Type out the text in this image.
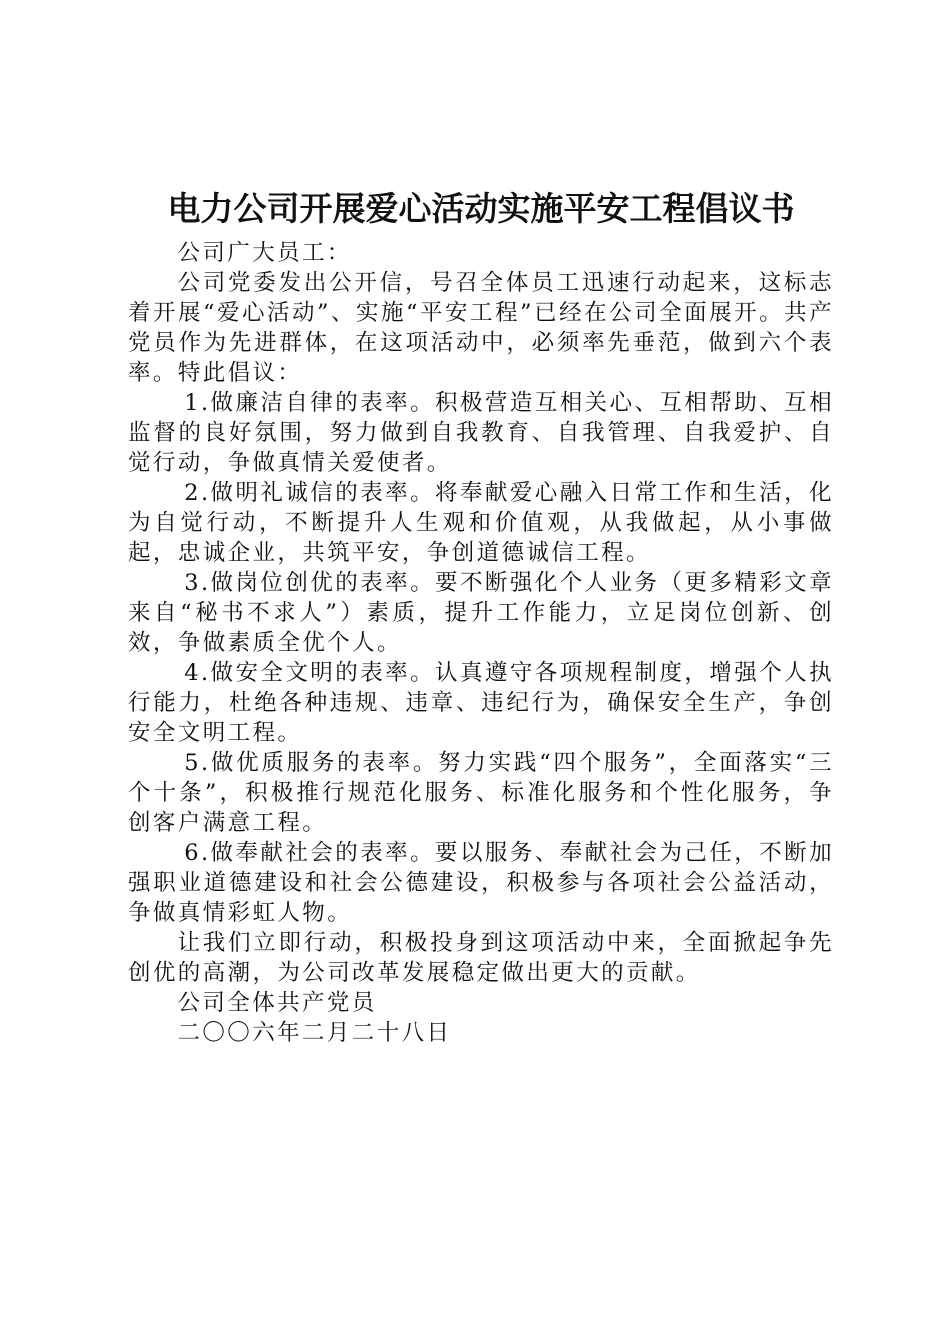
电力公司开展爱心活动实施平安工程倡议书

公司广大员工：

公司党委发出公开信，号召全体员工迅速行动起来，这标志着开展“爱心活动”、实施“平安工程”已经在公司全面展开。共产党员作为先进群体，在这项活动中，必须率先垂范，做到六个表率。特此倡议：

1.做廉洁自律的表率。积极营造互相关心、互相帮助、互相监督的良好氛围，努力做到自我教育、自我管理、自我爱护、自觉行动，争做真情关爱使者。

2.做明礼诚信的表率。将奉献爱心融入日常工作和生活，化为自觉行动，不断提升人生观和价值观，从我做起，从小事做起，忠诚企业，共筑平安，争创道德诚信工程。

3.做岗位创优的表率。要不断强化个人业务（更多精彩文章来自“秘书不求人”）素质，提升工作能力，立足岗位创新、创效，争做素质全优个人。

4.做安全文明的表率。认真遵守各项规程制度，增强个人执行能力，杜绝各种违规、违章、违纪行为，确保安全生产，争创安全文明工程。

5.做优质服务的表率。努力实践“四个服务”，全面落实“三个十条”，积极推行规范化服务、标准化服务和个性化服务，争创客户满意工程。

6.做奉献社会的表率。要以服务、奉献社会为己任，不断加强职业道德建设和社会公德建设，积极参与各项社会公益活动，争做真情彩虹人物。

让我们立即行动，积极投身到这项活动中来，全面掀起争先创优的高潮，为公司改革发展稳定做出更大的贡献。

公司全体共产党员

二〇〇六年二月二十八日
